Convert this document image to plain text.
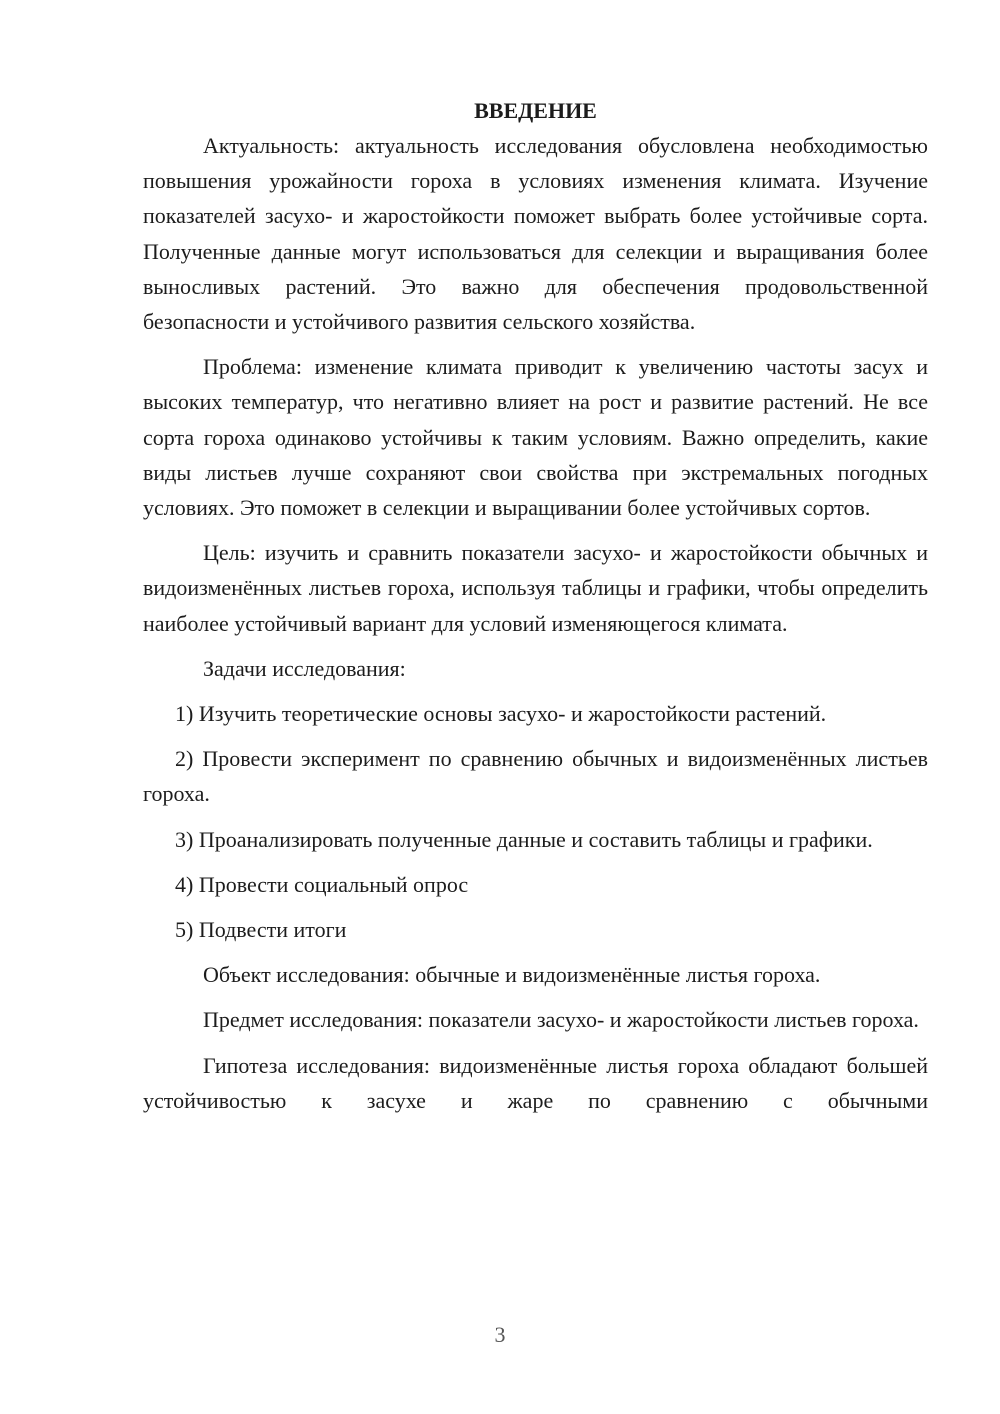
ВВЕДЕНИЕ

Актуальность: актуальность исследования обусловлена необходимостью повышения урожайности гороха в условиях изменения климата. Изучение показателей засухо- и жаростойкости поможет выбрать более устойчивые сорта. Полученные данные могут использоваться для селекции и выращивания более выносливых растений. Это важно для обеспечения продовольственной безопасности и устойчивого развития сельского хозяйства.

Проблема: изменение климата приводит к увеличению частоты засух и высоких температур, что негативно влияет на рост и развитие растений. Не все сорта гороха одинаково устойчивы к таким условиям. Важно определить, какие виды листьев лучше сохраняют свои свойства при экстремальных погодных условиях. Это поможет в селекции и выращивании более устойчивых сортов.

Цель: изучить и сравнить показатели засухо- и жаростойкости обычных и видоизменённых листьев гороха, используя таблицы и графики, чтобы определить наиболее устойчивый вариант для условий изменяющегося климата.

Задачи исследования:

1) Изучить теоретические основы засухо- и жаростойкости растений.

2) Провести эксперимент по сравнению обычных и видоизменённых листьев гороха.

3) Проанализировать полученные данные и составить таблицы и графики.

4) Провести социальный опрос

5) Подвести итоги

Объект исследования: обычные и видоизменённые листья гороха.

Предмет исследования: показатели засухо- и жаростойкости листьев гороха.

Гипотеза исследования: видоизменённые листья гороха обладают большей устойчивостью к засухе и жаре по сравнению с обычными

3
